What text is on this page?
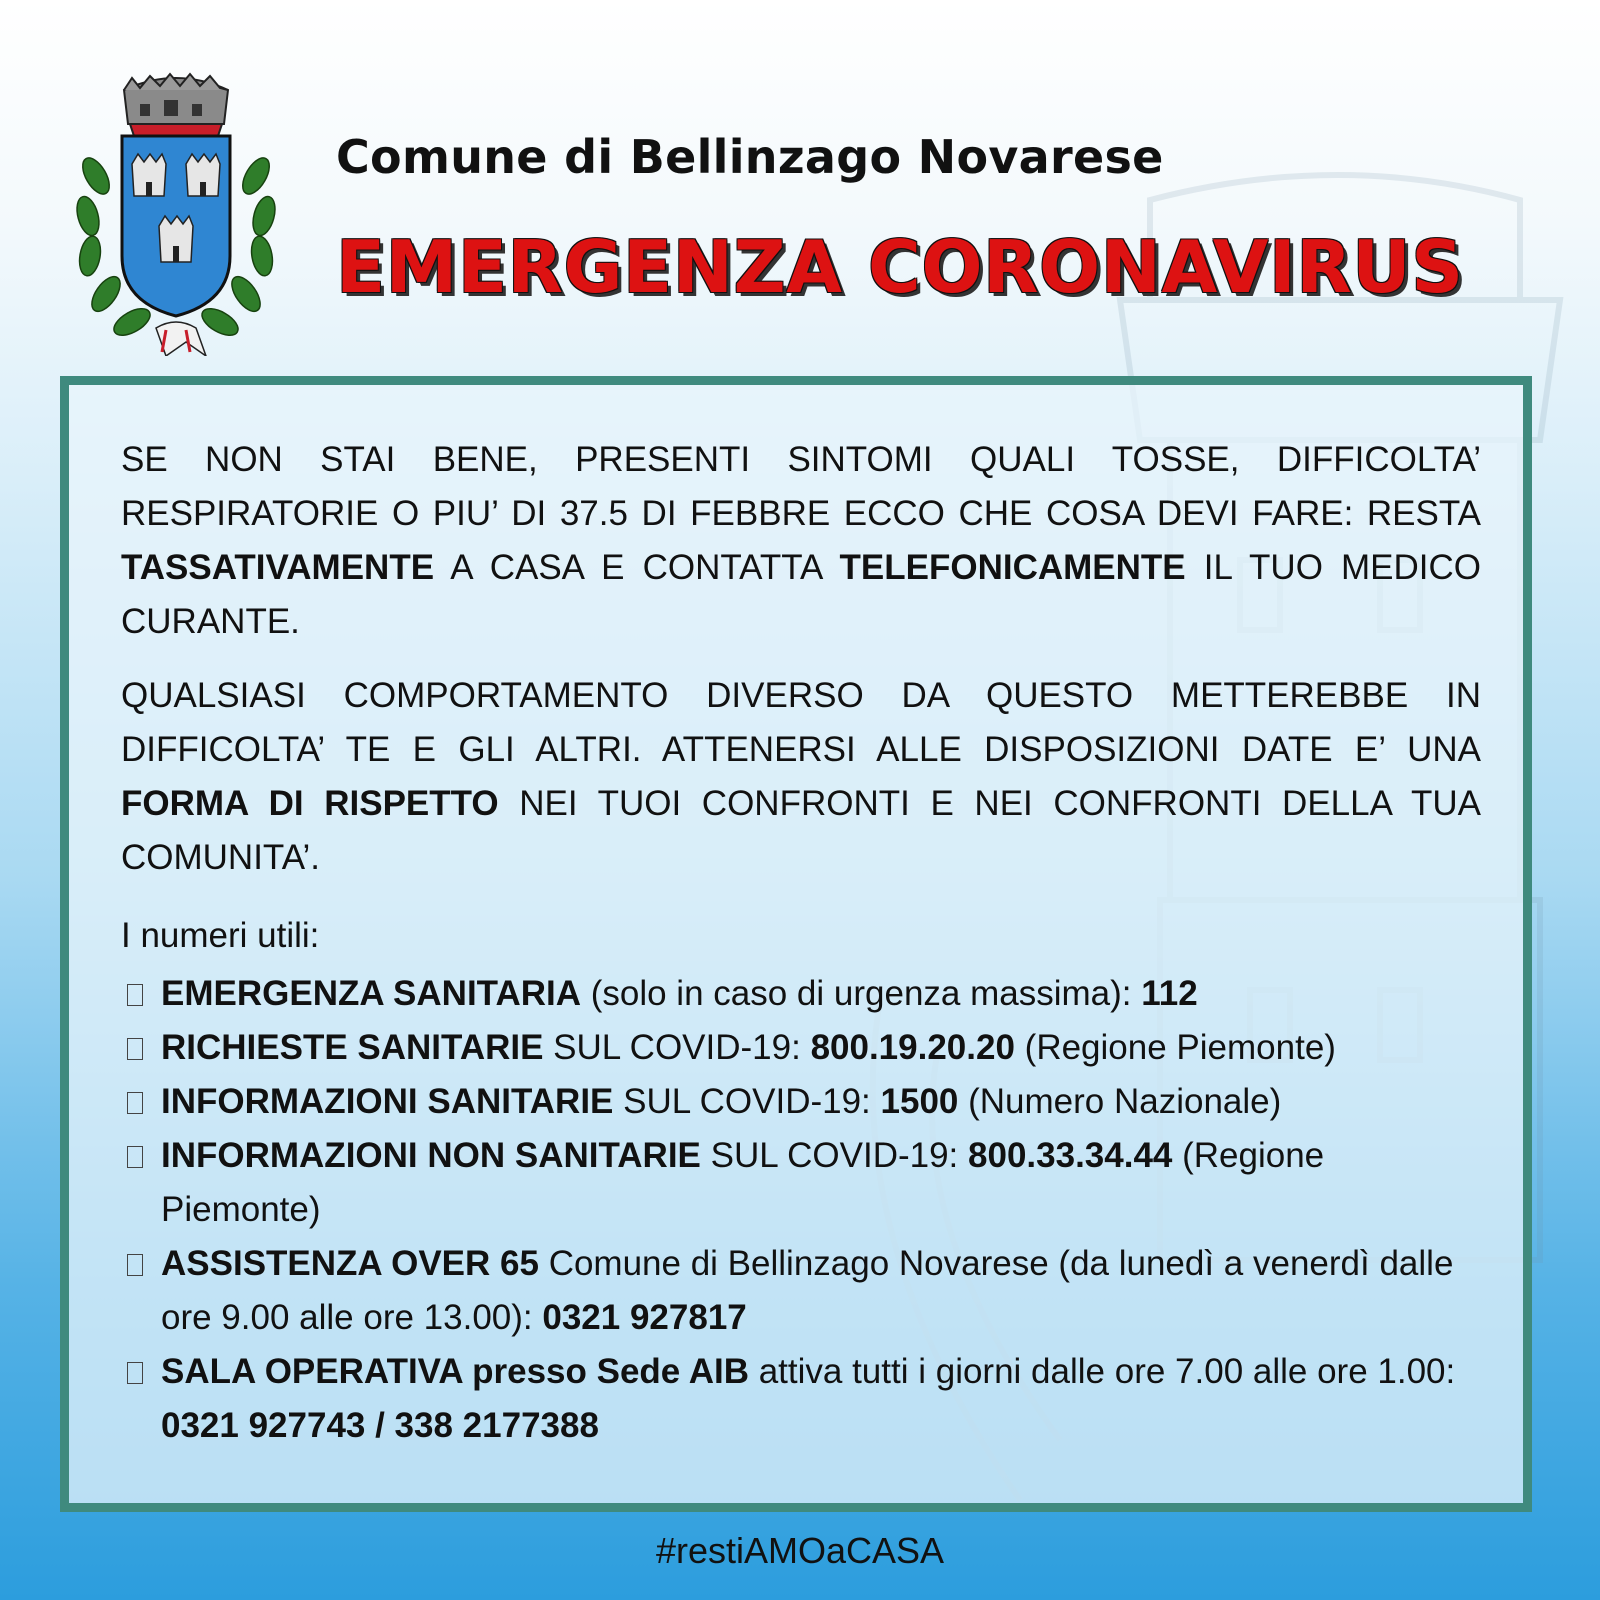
Comune di Bellinzago Novarese
EMERGENZA CORONAVIRUS

SE NON STAI BENE, PRESENTI SINTOMI QUALI TOSSE, DIFFICOLTA’ RESPIRATORIE O PIU’ DI 37.5 DI FEBBRE ECCO CHE COSA DEVI FARE: RESTA TASSATIVAMENTE A CASA E CONTATTA TELEFONICAMENTE IL TUO MEDICO CURANTE.

QUALSIASI COMPORTAMENTO DIVERSO DA QUESTO METTEREBBE IN DIFFICOLTA’ TE E GLI ALTRI. ATTENERSI ALLE DISPOSIZIONI DATE E’ UNA FORMA DI RISPETTO NEI TUOI CONFRONTI E NEI CONFRONTI DELLA TUA COMUNITA’.

I numeri utili:

EMERGENZA SANITARIA (solo in caso di urgenza massima): 112
RICHIESTE SANITARIE SUL COVID-19: 800.19.20.20 (Regione Piemonte)
INFORMAZIONI SANITARIE SUL COVID-19: 1500 (Numero Nazionale)
INFORMAZIONI NON SANITARIE SUL COVID-19: 800.33.34.44 (Regione Piemonte)
ASSISTENZA OVER 65 Comune di Bellinzago Novarese (da lunedì a venerdì dalle ore 9.00 alle ore 13.00): 0321 927817
SALA OPERATIVA presso Sede AIB attiva tutti i giorni dalle ore 7.00 alle ore 1.00: 0321 927743 / 338 2177388

#restiAMOaCASA
